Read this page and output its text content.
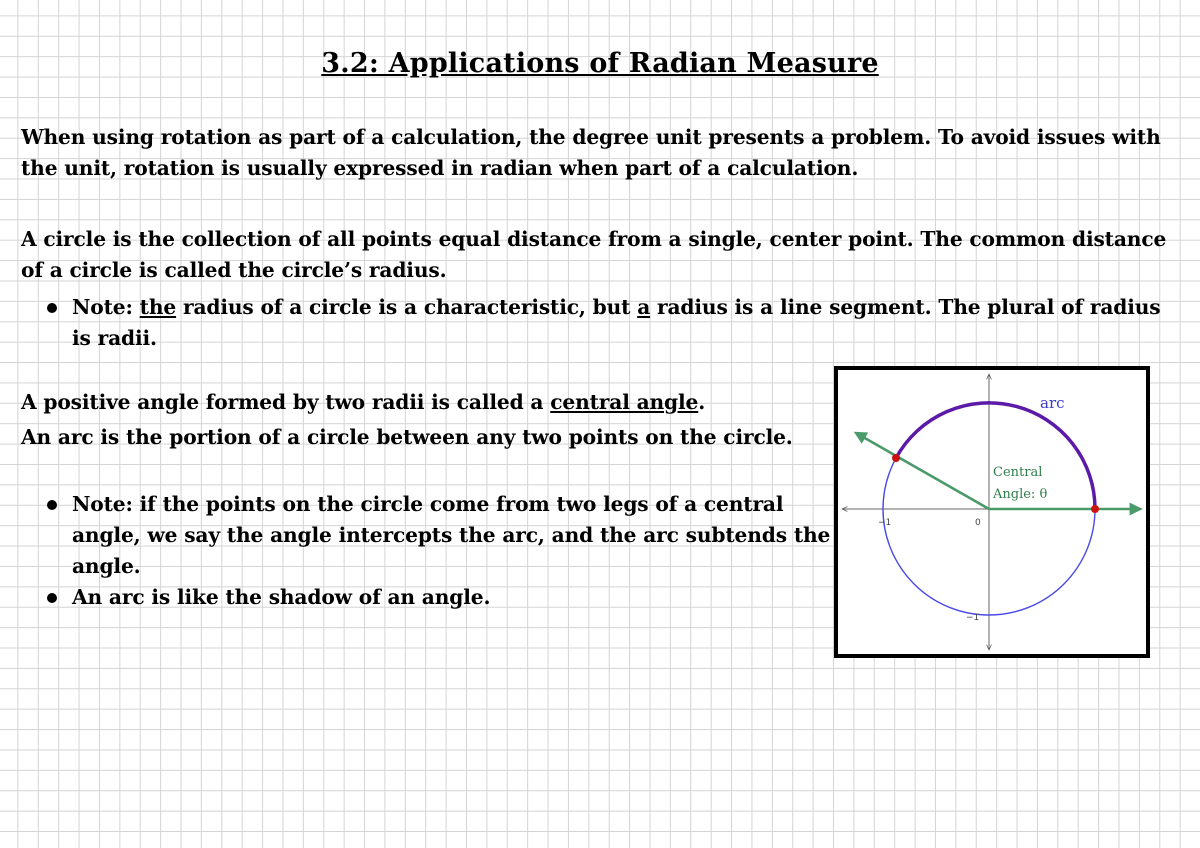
3.2: Applications of Radian Measure

When using rotation as part of a calculation, the degree unit presents a problem. To avoid issues with the unit, rotation is usually expressed in radian when part of a calculation.

A circle is the collection of all points equal distance from a single, center point. The common distance of a circle is called the circle’s radius.

Note: the radius of a circle is a characteristic, but a radius is a line segment. The plural of radius is radii.

A positive angle formed by two radii is called a central angle.

An arc is the portion of a circle between any two points on the circle.

Note: if the points on the circle come from two legs of a central angle, we say the angle intercepts the arc, and the arc subtends the angle.
An arc is like the shadow of an angle.
arc
Central
Angle: θ
−1	0
−1
